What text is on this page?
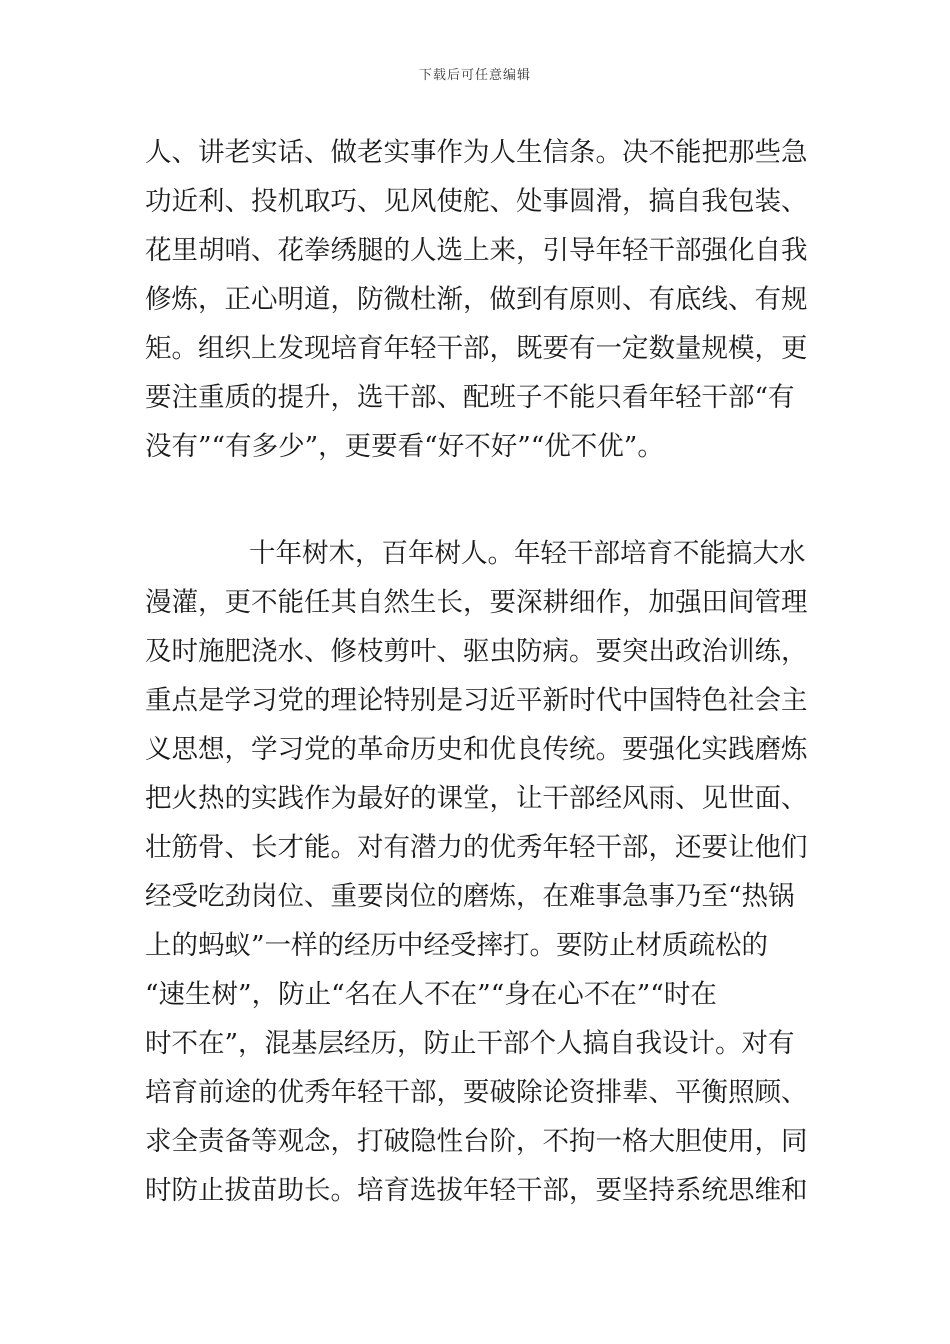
下载后可任意编辑
人、讲老实话、做老实事作为人生信条。决不能把那些急
功近利、投机取巧、见风使舵、处事圆滑，搞自我包装、
花里胡哨、花拳绣腿的人选上来，引导年轻干部强化自我
修炼，正心明道，防微杜渐，做到有原则、有底线、有规
矩。组织上发现培育年轻干部，既要有一定数量规模，更
要注重质的提升，选干部、配班子不能只看年轻干部“有
没有”“有多少”，更要看“好不好”“优不优”。
十年树木，百年树人。年轻干部培育不能搞大水
漫灌，更不能任其自然生长，要深耕细作，加强田间管理
及时施肥浇水、修枝剪叶、驱虫防病。要突出政治训练，
重点是学习党的理论特别是习近平新时代中国特色社会主
义思想，学习党的革命历史和优良传统。要强化实践磨炼
把火热的实践作为最好的课堂，让干部经风雨、见世面、
壮筋骨、长才能。对有潜力的优秀年轻干部，还要让他们
经受吃劲岗位、重要岗位的磨炼，在难事急事乃至“热锅
上的蚂蚁”一样的经历中经受摔打。要防止材质疏松的
“速生树”，防止“名在人不在”“身在心不在”“时在
时不在”，混基层经历，防止干部个人搞自我设计。对有
培育前途的优秀年轻干部，要破除论资排辈、平衡照顾、
求全责备等观念，打破隐性台阶，不拘一格大胆使用，同
时防止拔苗助长。培育选拔年轻干部，要坚持系统思维和
